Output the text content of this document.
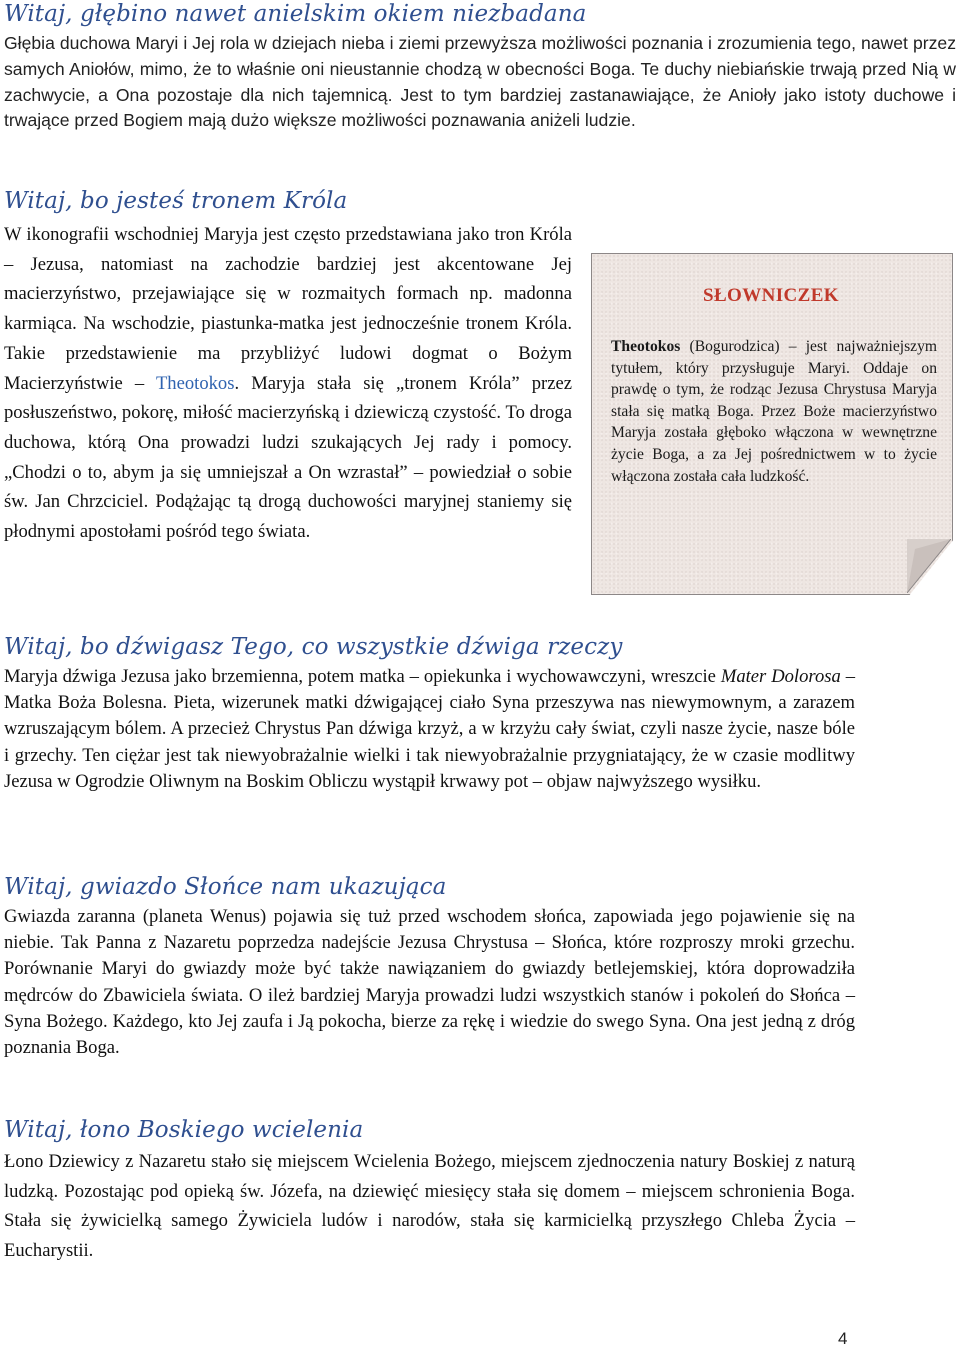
Witaj, głębino nawet anielskim okiem niezbadana

Głębia duchowa Maryi i Jej rola w dziejach nieba i ziemi przewyższa możliwości poznania i zrozumienia tego, nawet przez samych Aniołów, mimo, że to właśnie oni nieustannie chodzą w obecności Boga. Te duchy niebiańskie trwają przed Nią w zachwycie, a Ona pozostaje dla nich tajemnicą. Jest to tym bardziej zastanawiające, że Anioły jako istoty duchowe i trwające przed Bogiem mają dużo większe możliwości poznawania aniżeli ludzie.

Witaj, bo jesteś tronem Króla

W ikonografii wschodniej Maryja jest często przedstawiana jako tron Króla – Jezusa, natomiast na zachodzie bardziej jest akcentowane Jej macierzyństwo, przejawiające się w rozmaitych formach np. madonna karmiąca. Na wschodzie, piastunka-matka jest jednocześnie tronem Króla. Takie przedstawienie ma przybliżyć ludowi dogmat o Bożym Macierzyństwie – Theotokos. Maryja stała się „tronem Króla” przez posłuszeństwo, pokorę, miłość macierzyńską i dziewiczą czystość. To droga duchowa, którą Ona prowadzi ludzi szukających Jej rady i pomocy. „Chodzi o to, abym ja się umniejszał a On wzrastał” – powiedział o sobie św. Jan Chrzciciel. Podążając tą drogą duchowości maryjnej staniemy się płodnymi apostołami pośród tego świata.

SŁOWNICZEK

Theotokos (Bogurodzica) – jest najważniejszym tytułem, który przysługuje Maryi. Oddaje on prawdę o tym, że rodząc Jezusa Chrystusa Maryja stała się matką Boga. Przez Boże macierzyństwo Maryja została głęboko włączona w wewnętrzne życie Boga, a za Jej pośrednictwem w to życie włączona została cała ludzkość.

Witaj, bo dźwigasz Tego, co wszystkie dźwiga rzeczy

Maryja dźwiga Jezusa jako brzemienna, potem matka – opiekunka i wychowawczyni, wreszcie Mater Dolorosa – Matka Boża Bolesna. Pieta, wizerunek matki dźwigającej ciało Syna przeszywa nas niewymownym, a zarazem wzruszającym bólem. A przecież Chrystus Pan dźwiga krzyż, a w krzyżu cały świat, czyli nasze życie, nasze bóle i grzechy. Ten ciężar jest tak niewyobrażalnie wielki i tak niewyobrażalnie przygniatający, że w czasie modlitwy Jezusa w Ogrodzie Oliwnym na Boskim Obliczu wystąpił krwawy pot – objaw najwyższego wysiłku.

Witaj, gwiazdo Słońce nam ukazująca

Gwiazda zaranna (planeta Wenus) pojawia się tuż przed wschodem słońca, zapowiada jego pojawienie się na niebie. Tak Panna z Nazaretu poprzedza nadejście Jezusa Chrystusa – Słońca, które rozproszy mroki grzechu. Porównanie Maryi do gwiazdy może być także nawiązaniem do gwiazdy betlejemskiej, która doprowadziła mędrców do Zbawiciela świata. O ileż bardziej Maryja prowadzi ludzi wszystkich stanów i pokoleń do Słońca – Syna Bożego. Każdego, kto Jej zaufa i Ją pokocha, bierze za rękę i wiedzie do swego Syna. Ona jest jedną z dróg poznania Boga.

Witaj, łono Boskiego wcielenia

Łono Dziewicy z Nazaretu stało się miejscem Wcielenia Bożego, miejscem zjednoczenia natury Boskiej z naturą ludzką. Pozostając pod opieką św. Józefa, na dziewięć miesięcy stała się domem – miejscem schronienia Boga. Stała się żywicielką samego Żywiciela ludów i narodów, stała się karmicielką przyszłego Chleba Życia – Eucharystii.

4
